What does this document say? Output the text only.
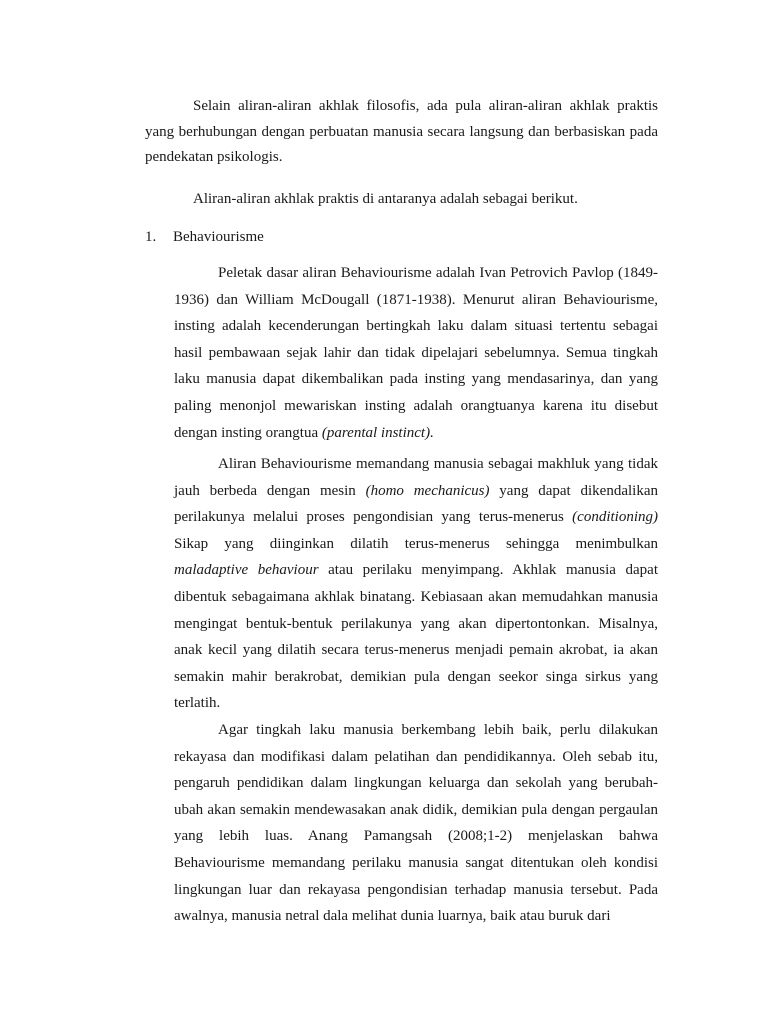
Selain aliran-aliran akhlak filosofis, ada pula aliran-aliran akhlak praktis yang berhubungan dengan perbuatan manusia secara langsung dan berbasiskan pada pendekatan psikologis.

Aliran-aliran akhlak praktis di antaranya adalah sebagai berikut.

1. Behaviourisme

Peletak dasar aliran Behaviourisme adalah Ivan Petrovich Pavlop (1849-1936) dan William McDougall (1871-1938). Menurut aliran Behaviourisme, insting adalah kecenderungan bertingkah laku dalam situasi tertentu sebagai hasil pembawaan sejak lahir dan tidak dipelajari sebelumnya. Semua tingkah laku manusia dapat dikembalikan pada insting yang mendasarinya, dan yang paling menonjol mewariskan insting adalah orangtuanya karena itu disebut dengan insting orangtua (parental instinct).

Aliran Behaviourisme memandang manusia sebagai makhluk yang tidak jauh berbeda dengan mesin (homo mechanicus) yang dapat dikendalikan perilakunya melalui proses pengondisian yang terus-menerus (conditioning) Sikap yang diinginkan dilatih terus-menerus sehingga menimbulkan maladaptive behaviour atau perilaku menyimpang. Akhlak manusia dapat dibentuk sebagaimana akhlak binatang. Kebiasaan akan memudahkan manusia mengingat bentuk-bentuk perilakunya yang akan dipertontonkan. Misalnya, anak kecil yang dilatih secara terus-menerus menjadi pemain akrobat, ia akan semakin mahir berakrobat, demikian pula dengan seekor singa sirkus yang terlatih.

Agar tingkah laku manusia berkembang lebih baik, perlu dilakukan rekayasa dan modifikasi dalam pelatihan dan pendidikannya. Oleh sebab itu, pengaruh pendidikan dalam lingkungan keluarga dan sekolah yang berubah-ubah akan semakin mendewasakan anak didik, demikian pula dengan pergaulan yang lebih luas. Anang Pamangsah (2008;1-2) menjelaskan bahwa Behaviourisme memandang perilaku manusia sangat ditentukan oleh kondisi lingkungan luar dan rekayasa pengondisian terhadap manusia tersebut. Pada awalnya, manusia netral dala melihat dunia luarnya, baik atau buruk dari
